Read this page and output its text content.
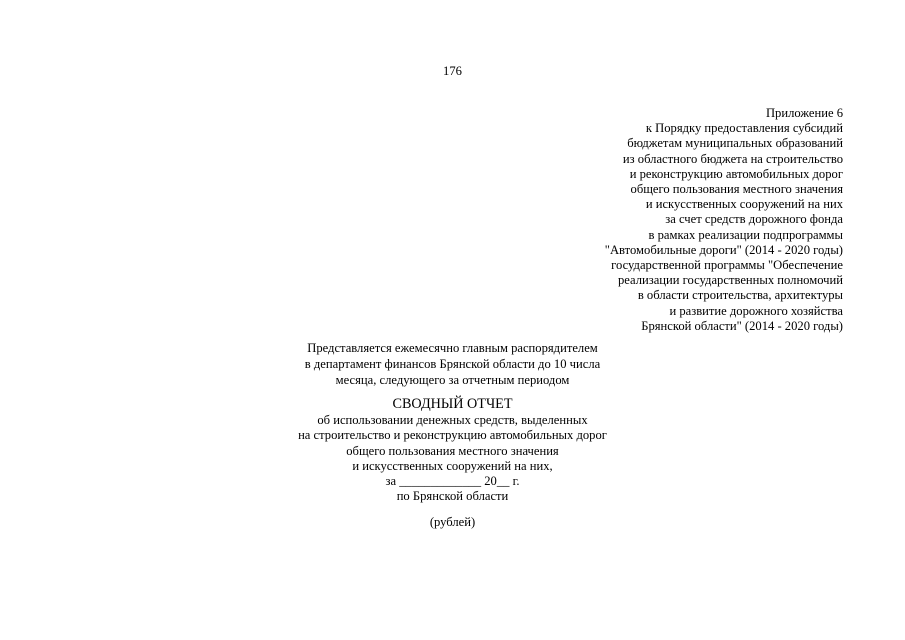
176
Приложение 6
к Порядку предоставления субсидий
бюджетам муниципальных образований
из областного бюджета на строительство
и реконструкцию автомобильных дорог
общего пользования местного значения
и искусственных сооружений на них
за счет средств дорожного фонда
в рамках реализации подпрограммы
"Автомобильные дороги" (2014 - 2020 годы)
государственной программы "Обеспечение
реализации государственных полномочий
в области строительства, архитектуры
и развитие дорожного хозяйства
Брянской области" (2014 - 2020 годы)
Представляется ежемесячно главным распорядителем
в департамент финансов Брянской области до 10 числа
месяца, следующего за отчетным периодом
СВОДНЫЙ ОТЧЕТ
об использовании денежных средств, выделенных
на строительство и реконструкцию автомобильных дорог
общего пользования местного значения
и искусственных сооружений на них,
за _____________ 20__ г.
по Брянской области
(рублей)
